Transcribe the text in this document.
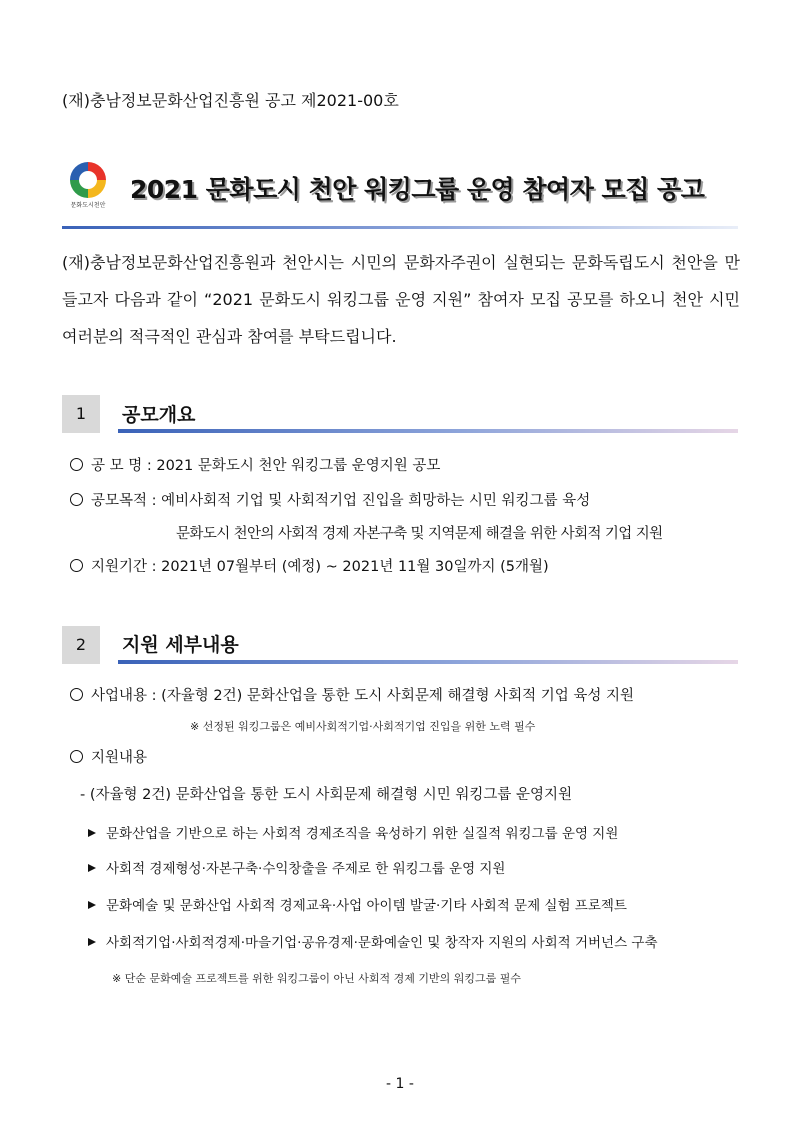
(재)충남정보문화산업진흥원 공고 제2021-00호
문화도시천안
2021 문화도시 천안 워킹그룹 운영 참여자 모집 공고
(재)충남정보문화산업진흥원과 천안시는 시민의 문화자주권이 실현되는 문화독립도시 천안을 만들고자 다음과 같이 “2021 문화도시 워킹그룹 운영 지원” 참여자 모집 공모를 하오니 천안 시민 여러분의 적극적인 관심과 참여를 부탁드립니다.
1	공모개요
공 모 명 : 2021 문화도시 천안 워킹그룹 운영지원 공모
공모목적 : 예비사회적 기업 및 사회적기업 진입을 희망하는 시민 워킹그룹 육성
문화도시 천안의 사회적 경제 자본구축 및 지역문제 해결을 위한 사회적 기업 지원
지원기간 : 2021년 07월부터 (예정) ~ 2021년 11월 30일까지 (5개월)
2	지원 세부내용
사업내용 : (자율형 2건) 문화산업을 통한 도시 사회문제 해결형 사회적 기업 육성 지원
※ 선정된 워킹그룹은 예비사회적기업·사회적기업 진입을 위한 노력 필수
지원내용
- (자율형 2건) 문화산업을 통한 도시 사회문제 해결형 시민 워킹그룹 운영지원
문화산업을 기반으로 하는 사회적 경제조직을 육성하기 위한 실질적 워킹그룹 운영 지원
사회적 경제형성·자본구축·수익창출을 주제로 한 워킹그룹 운영 지원
문화예술 및 문화산업 사회적 경제교육·사업 아이템 발굴·기타 사회적 문제 실험 프로젝트
사회적기업·사회적경제·마을기업·공유경제·문화예술인 및 창작자 지원의 사회적 거버넌스 구축
※ 단순 문화예술 프로젝트를 위한 워킹그룹이 아닌 사회적 경제 기반의 워킹그룹 필수
- 1 -
